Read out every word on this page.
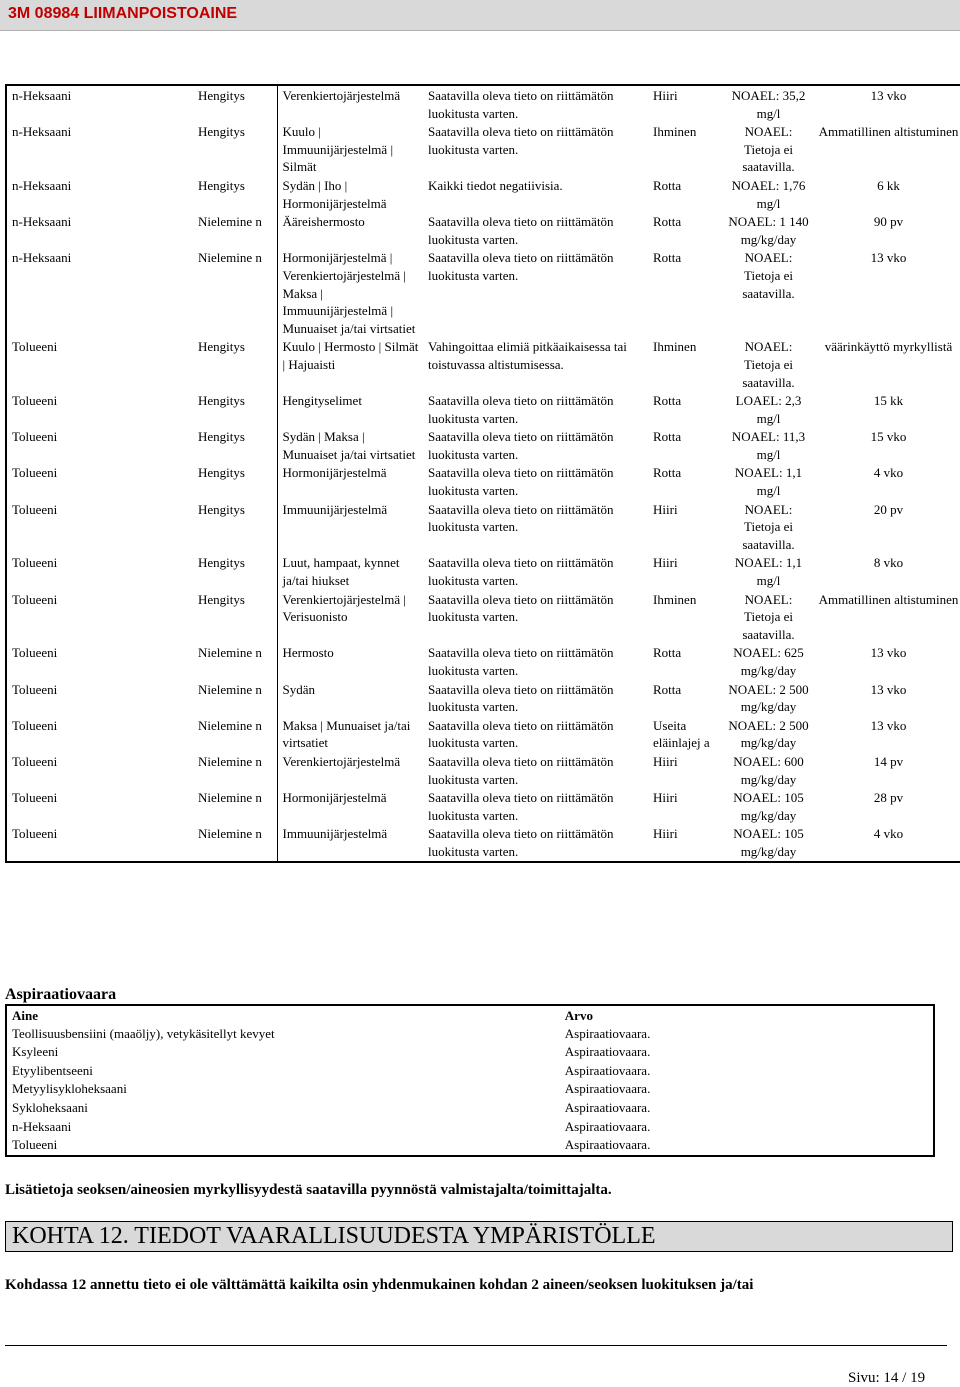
3M 08984 LIIMANPOISTOAINE
n-Heksaani	Hengitys	Verenkiertojärjestelmä	Saatavilla oleva tieto on riittämätön luokitusta varten.	Hiiri	NOAEL: 35,2 mg/l	13 vko
n-Heksaani	Hengitys	Kuulo | Immuunijärjestelmä | Silmät	Saatavilla oleva tieto on riittämätön luokitusta varten.	Ihminen	NOAEL: Tietoja ei saatavilla.	Ammatillinen altistuminen
n-Heksaani	Hengitys	Sydän | Iho | Hormonijärjestelmä	Kaikki tiedot negatiivisia.	Rotta	NOAEL: 1,76 mg/l	6 kk
n-Heksaani	Nielemine n	Ääreishermosto	Saatavilla oleva tieto on riittämätön luokitusta varten.	Rotta	NOAEL: 1 140 mg/kg/day	90 pv
n-Heksaani	Nielemine n	Hormonijärjestelmä | Verenkiertojärjestelmä | Maksa | Immuunijärjestelmä | Munuaiset ja/tai virtsatiet	Saatavilla oleva tieto on riittämätön luokitusta varten.	Rotta	NOAEL: Tietoja ei saatavilla.	13 vko
Tolueeni	Hengitys	Kuulo | Hermosto | Silmät | Hajuaisti	Vahingoittaa elimiä pitkäaikaisessa tai toistuvassa altistumisessa.	Ihminen	NOAEL: Tietoja ei saatavilla.	väärinkäyttö myrkyllistä
Tolueeni	Hengitys	Hengityselimet	Saatavilla oleva tieto on riittämätön luokitusta varten.	Rotta	LOAEL: 2,3 mg/l	15 kk
Tolueeni	Hengitys	Sydän | Maksa | Munuaiset ja/tai virtsatiet	Saatavilla oleva tieto on riittämätön luokitusta varten.	Rotta	NOAEL: 11,3 mg/l	15 vko
Tolueeni	Hengitys	Hormonijärjestelmä	Saatavilla oleva tieto on riittämätön luokitusta varten.	Rotta	NOAEL: 1,1 mg/l	4 vko
Tolueeni	Hengitys	Immuunijärjestelmä	Saatavilla oleva tieto on riittämätön luokitusta varten.	Hiiri	NOAEL: Tietoja ei saatavilla.	20 pv
Tolueeni	Hengitys	Luut, hampaat, kynnet ja/tai hiukset	Saatavilla oleva tieto on riittämätön luokitusta varten.	Hiiri	NOAEL: 1,1 mg/l	8 vko
Tolueeni	Hengitys	Verenkiertojärjestelmä | Verisuonisto	Saatavilla oleva tieto on riittämätön luokitusta varten.	Ihminen	NOAEL: Tietoja ei saatavilla.	Ammatillinen altistuminen
Tolueeni	Nielemine n	Hermosto	Saatavilla oleva tieto on riittämätön luokitusta varten.	Rotta	NOAEL: 625 mg/kg/day	13 vko
Tolueeni	Nielemine n	Sydän	Saatavilla oleva tieto on riittämätön luokitusta varten.	Rotta	NOAEL: 2 500 mg/kg/day	13 vko
Tolueeni	Nielemine n	Maksa | Munuaiset ja/tai virtsatiet	Saatavilla oleva tieto on riittämätön luokitusta varten.	Useita eläinlajej a	NOAEL: 2 500 mg/kg/day	13 vko
Tolueeni	Nielemine n	Verenkiertojärjestelmä	Saatavilla oleva tieto on riittämätön luokitusta varten.	Hiiri	NOAEL: 600 mg/kg/day	14 pv
Tolueeni	Nielemine n	Hormonijärjestelmä	Saatavilla oleva tieto on riittämätön luokitusta varten.	Hiiri	NOAEL: 105 mg/kg/day	28 pv
Tolueeni	Nielemine n	Immuunijärjestelmä	Saatavilla oleva tieto on riittämätön luokitusta varten.	Hiiri	NOAEL: 105 mg/kg/day	4 vko
Aspiraatiovaara
Aine	Arvo
Teollisuusbensiini (maaöljy), vetykäsitellyt kevyet	Aspiraatiovaara.
Ksyleeni	Aspiraatiovaara.
Etyylibentseeni	Aspiraatiovaara.
Metyylisykloheksaani	Aspiraatiovaara.
Sykloheksaani	Aspiraatiovaara.
n-Heksaani	Aspiraatiovaara.
Tolueeni	Aspiraatiovaara.
Lisätietoja seoksen/aineosien myrkyllisyydestä saatavilla pyynnöstä valmistajalta/toimittajalta.
KOHTA 12. TIEDOT VAARALLISUUDESTA YMPÄRISTÖLLE
Kohdassa 12 annettu tieto ei ole välttämättä kaikilta osin yhdenmukainen kohdan 2 aineen/seoksen luokituksen ja/tai
Sivu: 14 / 19
